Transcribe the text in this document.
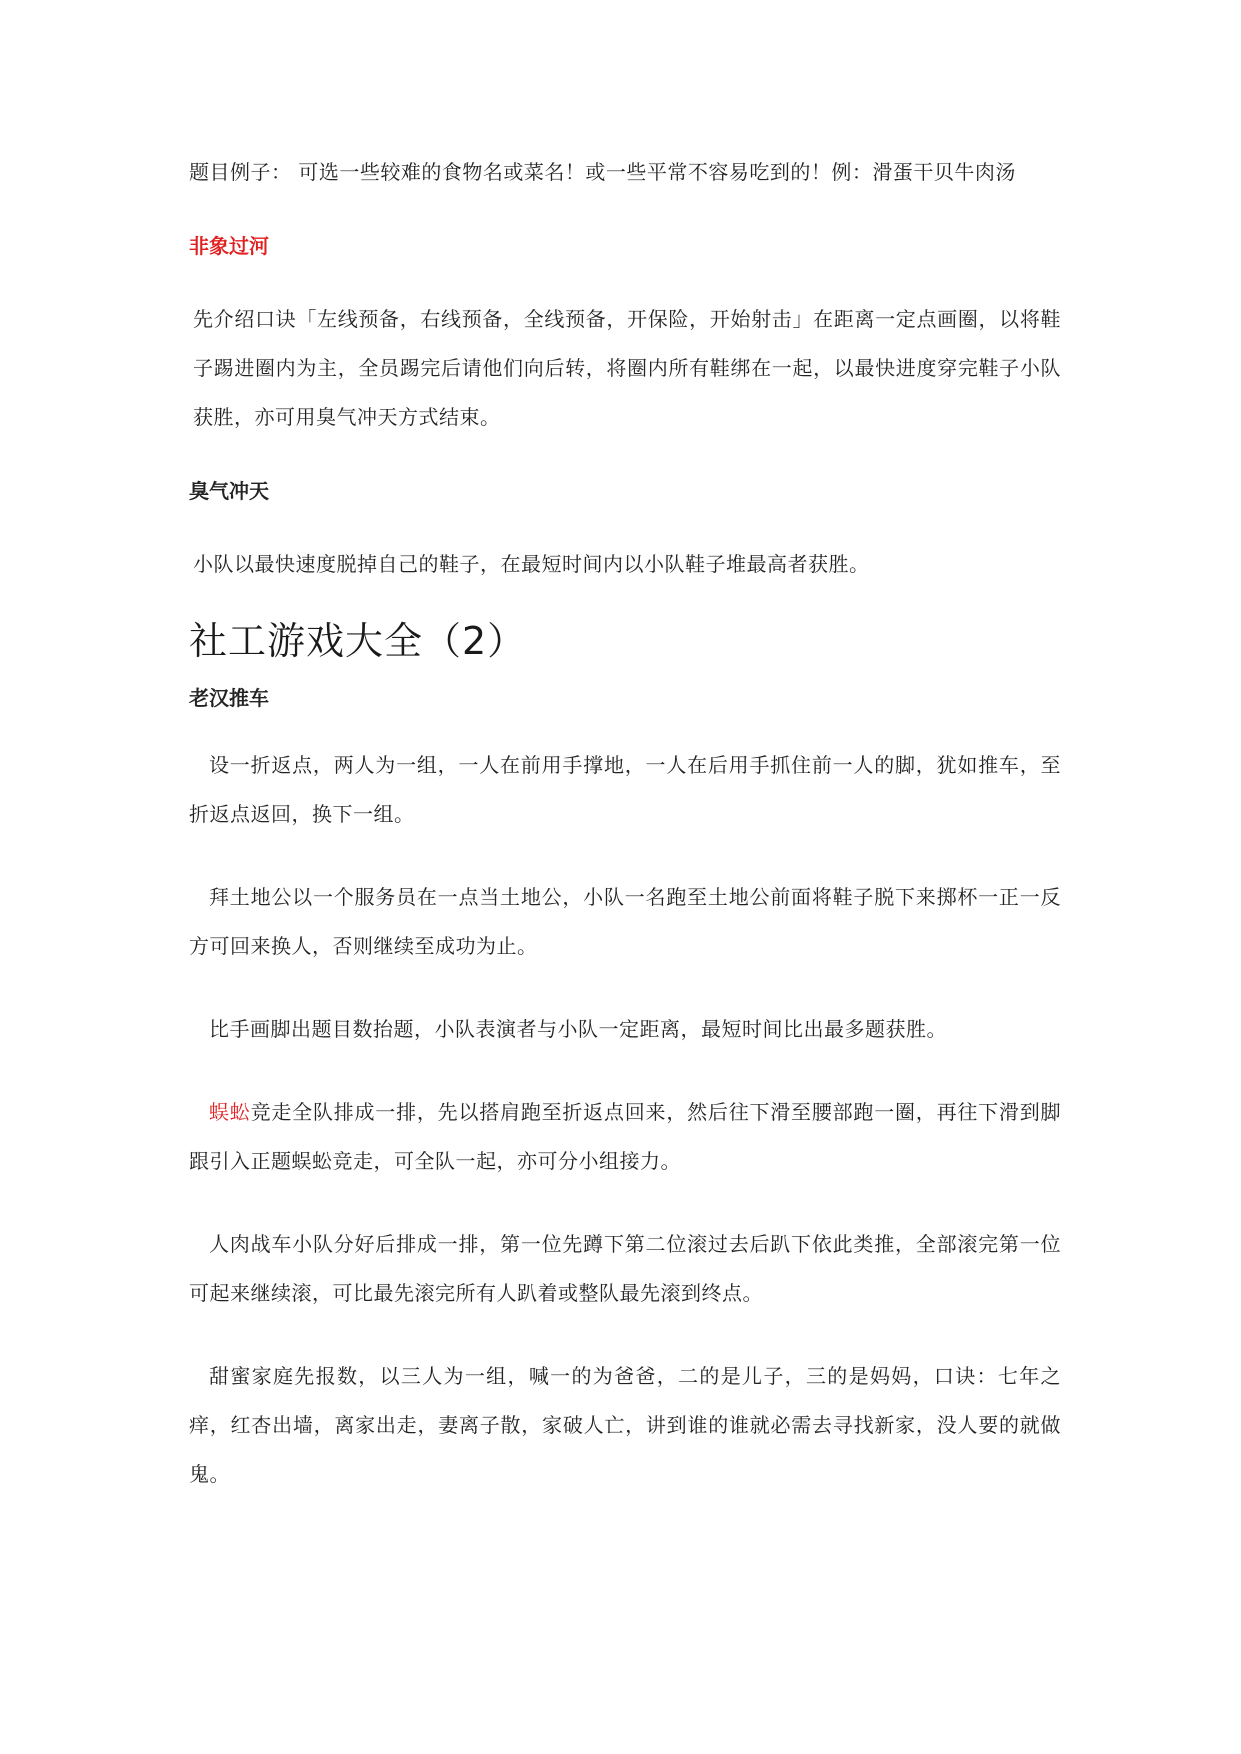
题目例子： 可选一些较难的食物名或菜名！或一些平常不容易吃到的！例：滑蛋干贝牛肉汤

非象过河

先介绍口诀「左线预备，右线预备，全线预备，开保险，开始射击」在距离一定点画圈，以将鞋子踢进圈内为主，全员踢完后请他们向后转，将圈内所有鞋绑在一起，以最快进度穿完鞋子小队获胜，亦可用臭气冲天方式结束。

臭气冲天

小队以最快速度脱掉自己的鞋子，在最短时间内以小队鞋子堆最高者获胜。

社工游戏大全（2）
老汉推车

设一折返点，两人为一组，一人在前用手撑地，一人在后用手抓住前一人的脚，犹如推车，至折返点返回，换下一组。

拜土地公以一个服务员在一点当土地公，小队一名跑至土地公前面将鞋子脱下来掷杯一正一反方可回来换人，否则继续至成功为止。

比手画脚出题目数抬题，小队表演者与小队一定距离，最短时间比出最多题获胜。

蜈蚣竞走全队排成一排，先以搭肩跑至折返点回来，然后往下滑至腰部跑一圈，再往下滑到脚跟引入正题蜈蚣竞走，可全队一起，亦可分小组接力。

人肉战车小队分好后排成一排，第一位先蹲下第二位滚过去后趴下依此类推，全部滚完第一位可起来继续滚，可比最先滚完所有人趴着或整队最先滚到终点。

甜蜜家庭先报数，以三人为一组，喊一的为爸爸，二的是儿子，三的是妈妈，口诀：七年之痒，红杏出墙，离家出走，妻离子散，家破人亡，讲到谁的谁就必需去寻找新家，没人要的就做鬼。
